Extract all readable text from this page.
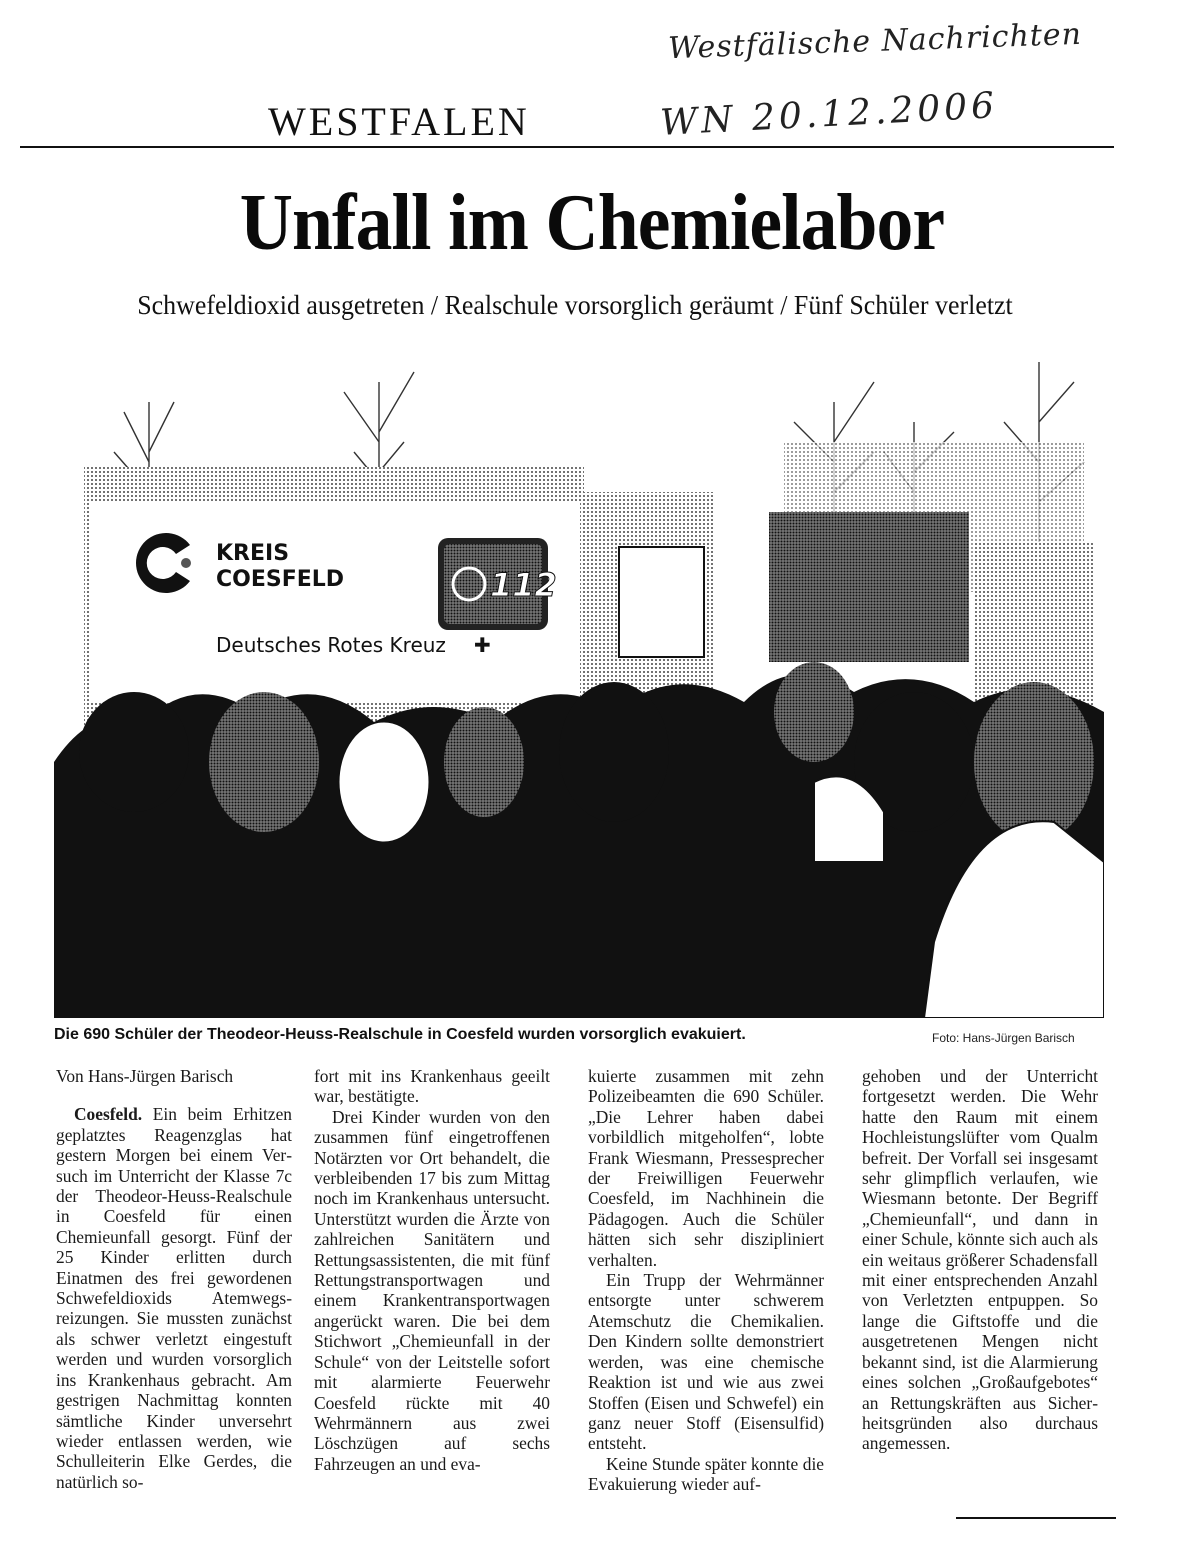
WESTFALEN
Westfälische Nachrichten
WN 20.12.2006
Unfall im Chemielabor
Schwefeldioxid ausgetreten / Realschule vorsorglich geräumt / Fünf Schüler verletzt
KREIS
COESFELD	112
Deutsches Rotes Kreuz ✚
Die 690 Schüler der Theodeor-Heuss-Realschule in Coesfeld wurden vorsorglich evakuiert.	Foto: Hans-Jürgen Barisch

Von Hans-Jürgen Barisch

Coesfeld. Ein beim Erhitzen geplatztes Reagenzglas hat gestern Morgen bei einem Versuch im Unterricht der Klasse 7c der Theodeor-Heuss-Realschule in Coesfeld für einen Chemieunfall gesorgt. Fünf der 25 Kinder erlitten durch Einatmen des frei gewordenen Schwefeldioxids Atemwegsreizungen. Sie mussten zunächst als schwer verletzt eingestuft werden und wurden vorsorglich ins Krankenhaus gebracht. Am gestrigen Nachmittag konnten sämtliche Kinder unversehrt wieder entlassen werden, wie Schulleiterin Elke Gerdes, die natürlich so-

fort mit ins Krankenhaus geeilt war, bestätigte.

Drei Kinder wurden von den zusammen fünf eingetroffenen Notärzten vor Ort behandelt, die verbleibenden 17 bis zum Mittag noch im Krankenhaus untersucht. Unterstützt wurden die Ärzte von zahlreichen Sanitätern und Rettungsassistenten, die mit fünf Rettungstransportwagen und einem Krankentransportwagen angerückt waren. Die bei dem Stichwort „Chemieunfall in der Schule“ von der Leitstelle sofort mit alarmierte Feuerwehr Coesfeld rückte mit 40 Wehrmännern aus zwei Löschzügen auf sechs Fahrzeugen an und eva-

kuierte zusammen mit zehn Polizeibeamten die 690 Schüler. „Die Lehrer haben dabei vorbildlich mitgeholfen“, lobte Frank Wiesmann, Pressesprecher der Freiwilligen Feuerwehr Coesfeld, im Nachhinein die Pädagogen. Auch die Schüler hätten sich sehr diszipliniert verhalten.

Ein Trupp der Wehrmänner entsorgte unter schwerem Atemschutz die Chemikalien. Den Kindern sollte demonstriert werden, was eine chemische Reaktion ist und wie aus zwei Stoffen (Eisen und Schwefel) ein ganz neuer Stoff (Eisensulfid) entsteht.

Keine Stunde später konnte die Evakuierung wieder auf-

gehoben und der Unterricht fortgesetzt werden. Die Wehr hatte den Raum mit einem Hochleistungslüfter vom Qualm befreit. Der Vorfall sei insgesamt sehr glimpflich verlaufen, wie Wiesmann betonte. Der Begriff „Chemieunfall“, und dann in einer Schule, könnte sich auch als ein weitaus größerer Schadensfall mit einer entsprechenden Anzahl von Verletzten entpuppen. So lange die Giftstoffe und die ausgetretenen Mengen nicht bekannt sind, ist die Alarmierung eines solchen „Großaufgebotes“ an Rettungskräften aus Sicherheitsgründen also durchaus angemessen.
